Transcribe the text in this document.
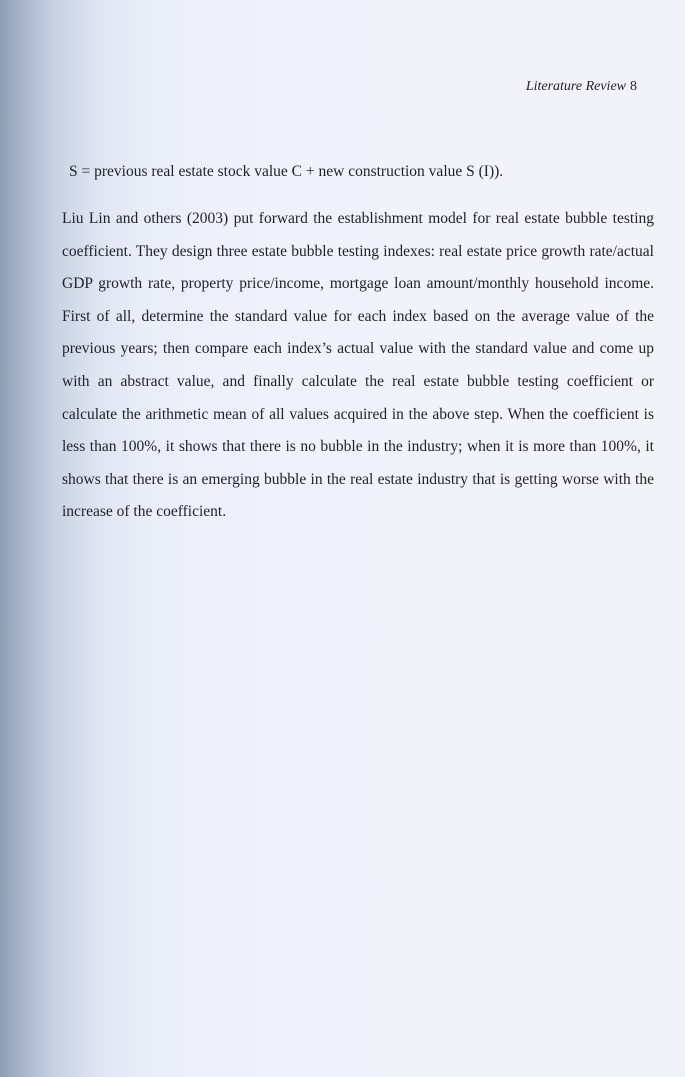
Literature Review 8
S = previous real estate stock value C + new construction value S (I)).
Liu Lin and others (2003) put forward the establishment model for real estate bubble testing coefficient. They design three estate bubble testing indexes: real estate price growth rate/actual GDP growth rate, property price/income, mortgage loan amount/monthly household income. First of all, determine the standard value for each index based on the average value of the previous years; then compare each index’s actual value with the standard value and come up with an abstract value, and finally calculate the real estate bubble testing coefficient or calculate the arithmetic mean of all values acquired in the above step. When the coefficient is less than 100%, it shows that there is no bubble in the industry; when it is more than 100%, it shows that there is an emerging bubble in the real estate industry that is getting worse with the increase of the coefficient.
